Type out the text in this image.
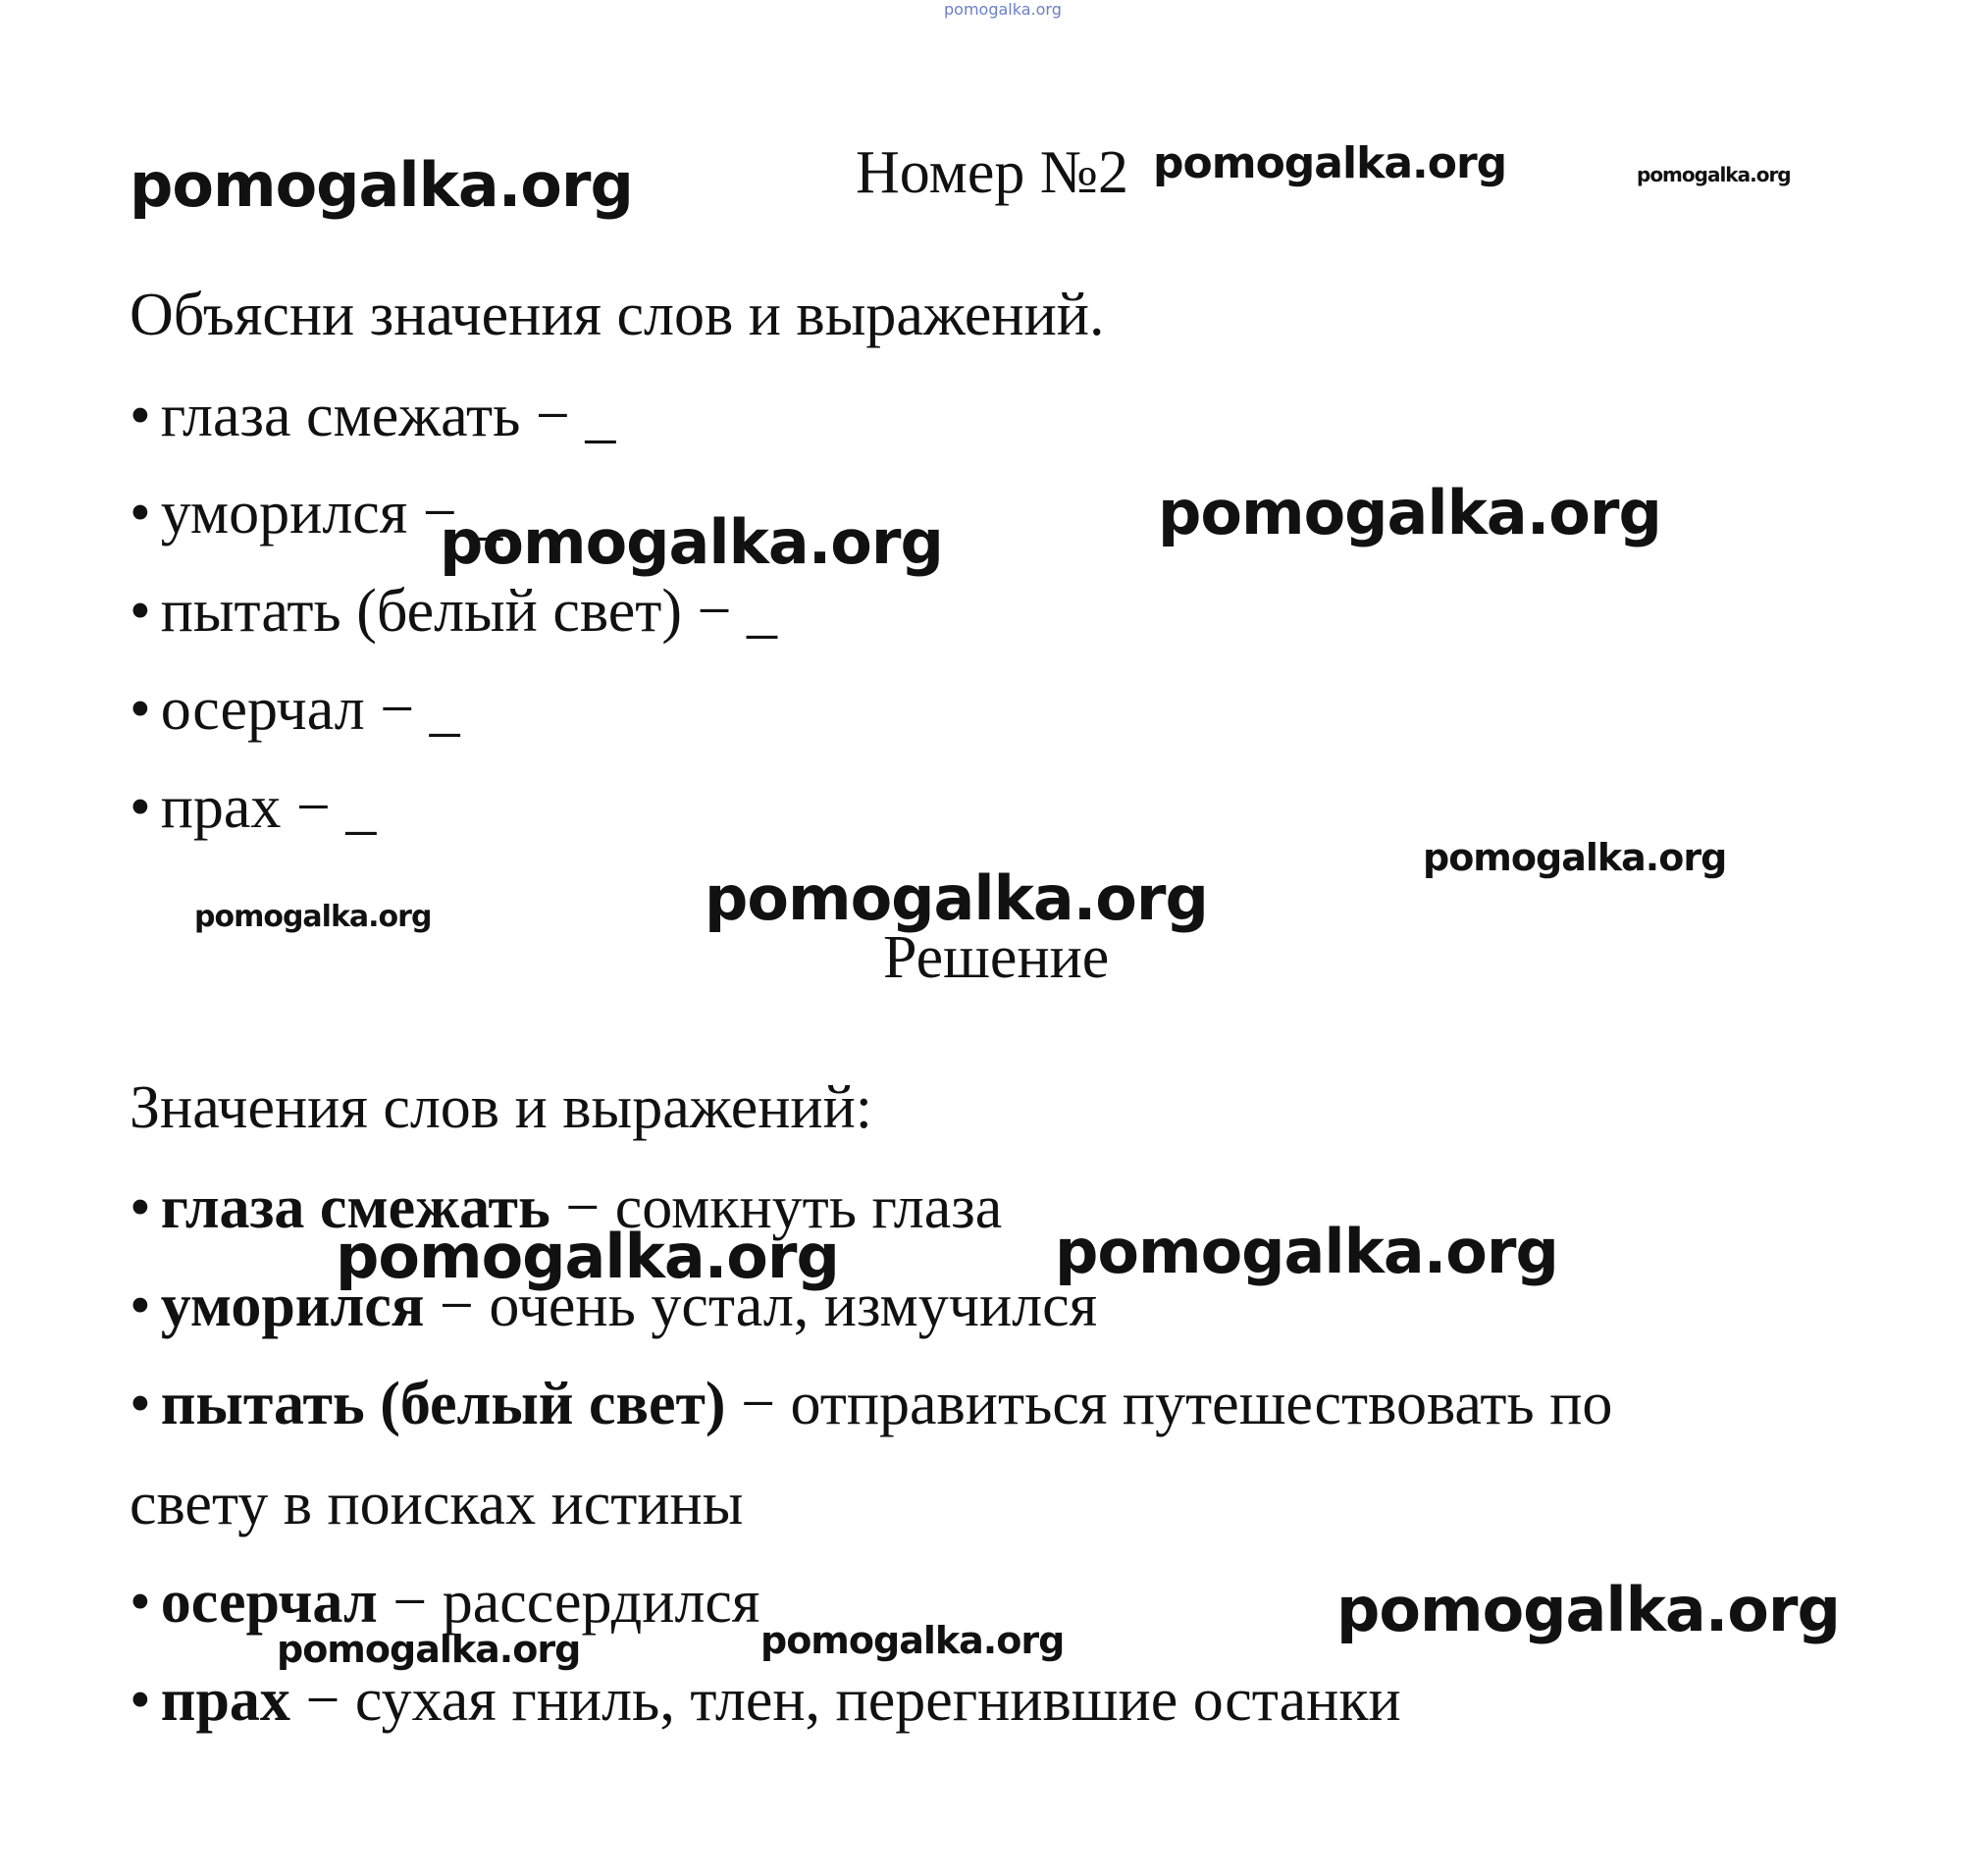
Номер №2
Объясни значения слов и выражений.
• глаза смежать − _
• уморился − _
• пытать (белый свет) − _
• осерчал − _
• прах − _
Решение
Значения слов и выражений:
• глаза смежать − сомкнуть глаза
• уморился − очень устал, измучился
• пытать (белый свет) − отправиться путешествовать по
свету в поисках истины
• осерчал − рассердился
• прах − сухая гниль, тлен, перегнившие останки
pomogalka.org
pomogalka.org	pomogalka.org	pomogalka.org
pomogalka.org
pomogalka.org
pomogalka.org
pomogalka.org
pomogalka.org
pomogalka.org	pomogalka.org
pomogalka.org
pomogalka.org	pomogalka.org
